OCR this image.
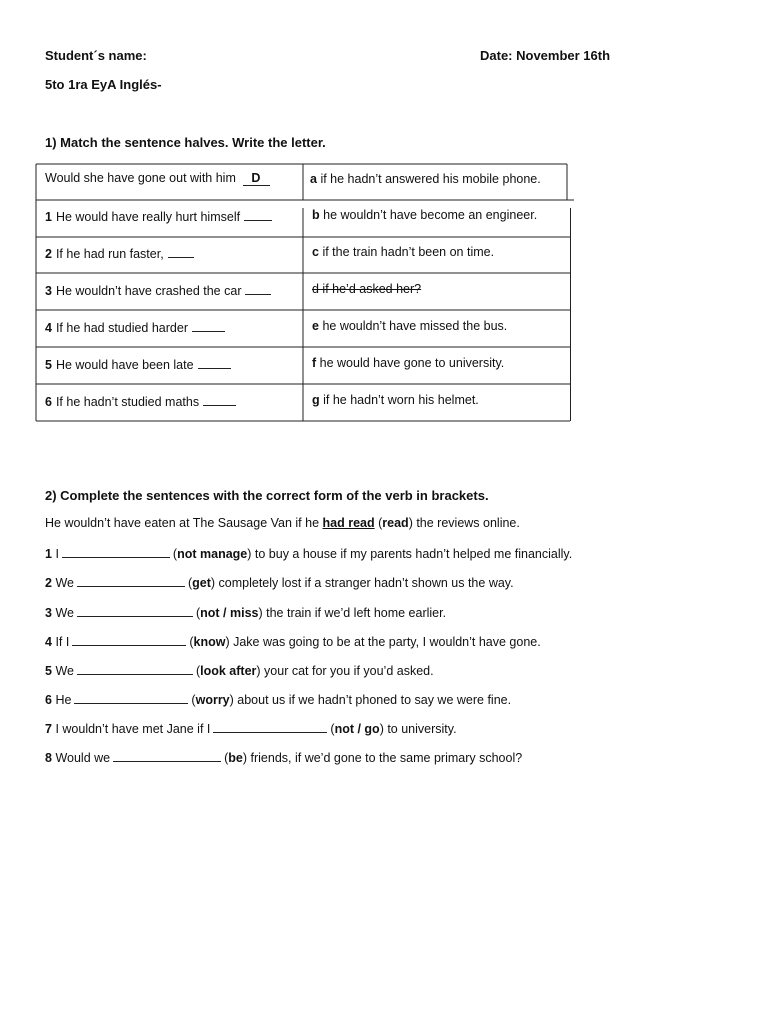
Student´s name:	Date: November 16th
5to 1ra EyA Inglés-
1) Match the sentence halves. Write the letter.
Would she have gone out with him D	a if he hadn’t answered his mobile phone.
1 He would have really hurt himself	b he wouldn’t have become an engineer.
2 If he had run faster,	c if the train hadn’t been on time.
3 He wouldn’t have crashed the car	d if he’d asked her?
4 If he had studied harder	e he wouldn’t have missed the bus.
5 He would have been late	f he would have gone to university.
6 If he hadn’t studied maths	g if he hadn’t worn his helmet.
2) Complete the sentences with the correct form of the verb in brackets.
He wouldn’t have eaten at The Sausage Van if he had read (read) the reviews online.
1 I	(not manage) to buy a house if my parents hadn’t helped me financially.
2 We	(get) completely lost if a stranger hadn’t shown us the way.
3 We	(not / miss) the train if we’d left home earlier.
4 If I	(know) Jake was going to be at the party, I wouldn’t have gone.
5 We	(look after) your cat for you if you’d asked.
6 He	(worry) about us if we hadn’t phoned to say we were fine.
7 I wouldn’t have met Jane if I	(not / go) to university.
8 Would we	(be) friends, if we’d gone to the same primary school?
